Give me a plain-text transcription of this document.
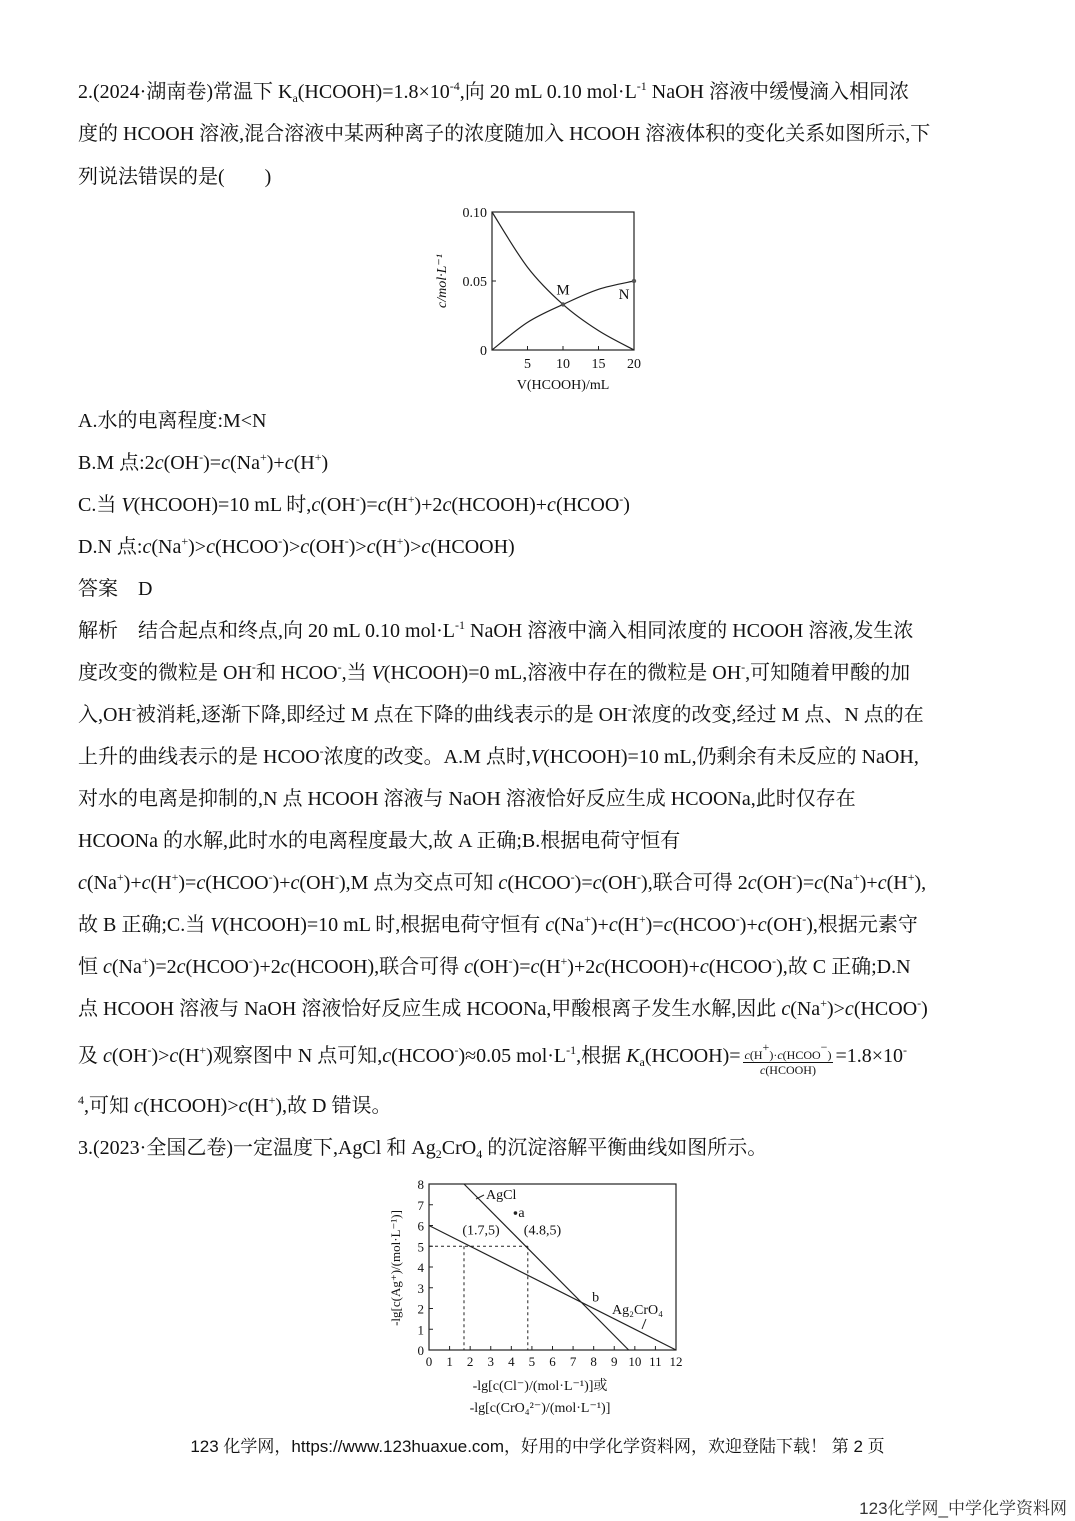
2.(2024·湖南卷)常温下 $K_a(HCOOH)=1.8\times 10^{-4}$,向 20 mL 0.10 $mol\cdot L^{-1}$ NaOH 溶液中缓慢滴入相同浓
度的 HCOOH 溶液,混合溶液中某两种离子的浓度随加入 HCOOH 溶液体积的变化关系如图所示,下
列说法错误的是(　　)
5 10 15 20
0
0.05
0.10
M	N
c/mol·L⁻¹
V(HCOOH)/mL
A.水的电离程度:M<N
B.M 点:2c(OH-)=c(Na+)+c(H+)
C.当 V(HCOOH)=10 mL 时,c(OH-)=c(H+)+2c(HCOOH)+c(HCOO-)
D.N 点:c(Na+)>c(HCOO-)>c(OH-)>c(H+)>c(HCOOH)
答案　D
解析　结合起点和终点,向 20 mL 0.10 $mol\cdot L^{-1}$ NaOH 溶液中滴入相同浓度的 HCOOH 溶液,发生浓
度改变的微粒是 OH-和 HCOO-,当 V(HCOOH)=0 mL,溶液中存在的微粒是 OH-,可知随着甲酸的加
入,OH-被消耗,逐渐下降,即经过 M 点在下降的曲线表示的是 OH-浓度的改变,经过 M 点、N 点的在
上升的曲线表示的是 HCOO-浓度的改变。A.M 点时,V(HCOOH)=10 mL,仍剩余有未反应的 NaOH,
对水的电离是抑制的,N 点 HCOOH 溶液与 NaOH 溶液恰好反应生成 HCOONa,此时仅存在
HCOONa 的水解,此时水的电离程度最大,故 A 正确;B.根据电荷守恒有
c(Na+)+c(H+)=c(HCOO-)+c(OH-),M 点为交点可知 c(HCOO-)=c(OH-),联合可得 2c(OH-)=c(Na+)+c(H+),
故 B 正确;C.当 V(HCOOH)=10 mL 时,根据电荷守恒有 c(Na+)+c(H+)=c(HCOO-)+c(OH-),根据元素守
恒 c(Na+)=2c(HCOO-)+2c(HCOOH),联合可得 c(OH-)=c(H+)+2c(HCOOH)+c(HCOO-),故 C 正确;D.N
点 HCOOH 溶液与 NaOH 溶液恰好反应生成 HCOONa,甲酸根离子发生水解,因此 c(Na+)>c(HCOO-)
及 c(OH-)>c(H+)观察图中 N 点可知,c(HCOO-)≈0.05 $mol\cdot L^{-1}$,根据 $K_a(HCOOH)= \frac{c(H^+)\cdot c(HCOO^-)}{\text{c(HCOOH)}} =1.8\times 10^-$
$^4$,可知 c(HCOOH)>c(H+),故 D 错误。
3.(2023·全国乙卷)一定温度下,AgCl 和 $Ag_2CrO_4$ 的沉淀溶解平衡曲线如图所示。
0 1 2 3 4 5 6 7 8 9 10 11 12
0
1
2
3
4
5
6
7
8
AgCl
Ag₂CrO₄
(1.7,5) (4.8,5)
a
b
-lg[c(Ag⁺)/(mol·L⁻¹)]
-lg[c(Cl⁻)/(mol·L⁻¹)]或
-lg[c(CrO₄²⁻)/(mol·L⁻¹)]
123 化学网，https://www.123huaxue.com，好用的中学化学资料网，欢迎登陆下载！ 第 2 页
123化学网_中学化学资料网
